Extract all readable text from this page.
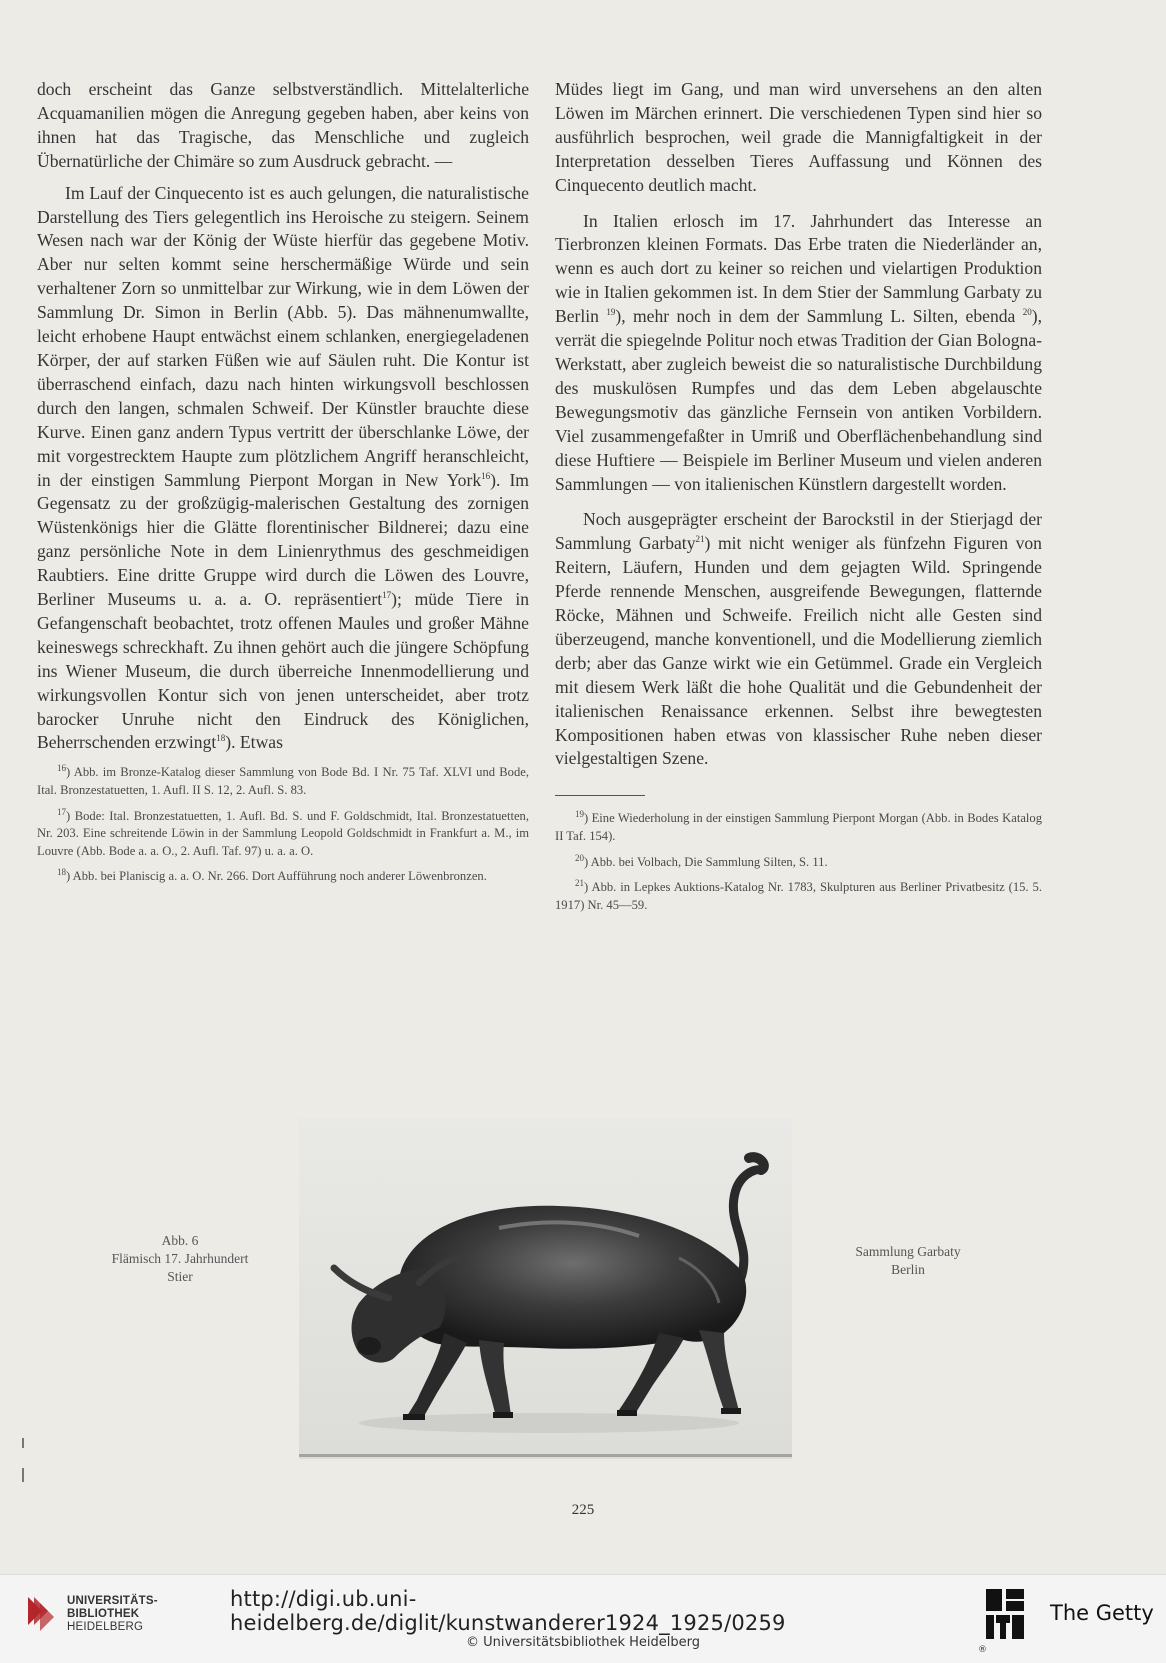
doch erscheint das Ganze selbstverständlich. Mittelalterliche Acquamanilien mögen die Anregung gegeben haben, aber keins von ihnen hat das Tragische, das Menschliche und zugleich Übernatürliche der Chimäre so zum Ausdruck gebracht. —

Im Lauf der Cinquecento ist es auch gelungen, die naturalistische Darstellung des Tiers gelegentlich ins Heroische zu steigern. Seinem Wesen nach war der König der Wüste hierfür das gegebene Motiv. Aber nur selten kommt seine herschermäßige Würde und sein verhaltener Zorn so unmittelbar zur Wirkung, wie in dem Löwen der Sammlung Dr. Simon in Berlin (Abb. 5). Das mähnenumwallte, leicht erhobene Haupt entwächst einem schlanken, energiegeladenen Körper, der auf starken Füßen wie auf Säulen ruht. Die Kontur ist überraschend einfach, dazu nach hinten wirkungsvoll beschlossen durch den langen, schmalen Schweif. Der Künstler brauchte diese Kurve. Einen ganz andern Typus vertritt der überschlanke Löwe, der mit vorgestrecktem Haupte zum plötzlichem Angriff heranschleicht, in der einstigen Sammlung Pierpont Morgan in New York$^{16}$). Im Gegensatz zu der großzügig-malerischen Gestaltung des zornigen Wüstenkönigs hier die Glätte florentinischer Bildnerei; dazu eine ganz persönliche Note in dem Linienrythmus des geschmeidigen Raubtiers. Eine dritte Gruppe wird durch die Löwen des Louvre, Berliner Museums u. a. a. O. repräsentiert$^{17}$); müde Tiere in Gefangenschaft beobachtet, trotz offenen Maules und großer Mähne keineswegs schreckhaft. Zu ihnen gehört auch die jüngere Schöpfung ins Wiener Museum, die durch überreiche Innenmodellierung und wirkungsvollen Kontur sich von jenen unterscheidet, aber trotz barocker Unruhe nicht den Eindruck des Königlichen, Beherrschenden erzwingt$^{18}$). Etwas

$^{16}$) Abb. im Bronze-Katalog dieser Sammlung von Bode Bd. I Nr. 75 Taf. XLVI und Bode, Ital. Bronzestatuetten, 1. Aufl. II S. 12, 2. Aufl. S. 83.

$^{17}$) Bode: Ital. Bronzestatuetten, 1. Aufl. Bd. S. und F. Goldschmidt, Ital. Bronzestatuetten, Nr. 203. Eine schreitende Löwin in der Sammlung Leopold Goldschmidt in Frankfurt a. M., im Louvre (Abb. Bode a. a. O., 2. Aufl. Taf. 97) u. a. a. O.

$^{18}$) Abb. bei Planiscig a. a. O. Nr. 266. Dort Aufführung noch anderer Löwenbronzen.

Müdes liegt im Gang, und man wird unversehens an den alten Löwen im Märchen erinnert. Die verschiedenen Typen sind hier so ausführlich besprochen, weil grade die Mannigfaltigkeit in der Interpretation desselben Tieres Auffassung und Können des Cinquecento deutlich macht.

In Italien erlosch im 17. Jahrhundert das Interesse an Tierbronzen kleinen Formats. Das Erbe traten die Niederländer an, wenn es auch dort zu keiner so reichen und vielartigen Produktion wie in Italien gekommen ist. In dem Stier der Sammlung Garbaty zu Berlin $^{19}$), mehr noch in dem der Sammlung L. Silten, ebenda $^{20}$), verrät die spiegelnde Politur noch etwas Tradition der Gian Bologna-Werkstatt, aber zugleich beweist die so naturalistische Durchbildung des muskulösen Rumpfes und das dem Leben abgelauschte Bewegungsmotiv das gänzliche Fernsein von antiken Vorbildern. Viel zusammengefaßter in Umriß und Oberflächenbehandlung sind diese Huftiere — Beispiele im Berliner Museum und vielen anderen Sammlungen — von italienischen Künstlern dargestellt worden.

Noch ausgeprägter erscheint der Barockstil in der Stierjagd der Sammlung Garbaty$^{21}$) mit nicht weniger als fünfzehn Figuren von Reitern, Läufern, Hunden und dem gejagten Wild. Springende Pferde rennende Menschen, ausgreifende Bewegungen, flatternde Röcke, Mähnen und Schweife. Freilich nicht alle Gesten sind überzeugend, manche konventionell, und die Modellierung ziemlich derb; aber das Ganze wirkt wie ein Getümmel. Grade ein Vergleich mit diesem Werk läßt die hohe Qualität und die Gebundenheit der italienischen Renaissance erkennen. Selbst ihre bewegtesten Kompositionen haben etwas von klassischer Ruhe neben dieser vielgestaltigen Szene.

$^{19}$) Eine Wiederholung in der einstigen Sammlung Pierpont Morgan (Abb. in Bodes Katalog II Taf. 154).

$^{20}$) Abb. bei Volbach, Die Sammlung Silten, S. 11.

$^{21}$) Abb. in Lepkes Auktions-Katalog Nr. 1783, Skulpturen aus Berliner Privatbesitz (15. 5. 1917) Nr. 45—59.

Abb. 6
Flämisch 17. Jahrhundert
Stier
Sammlung Garbaty
Berlin
225
UNIVERSITÄTS-
BIBLIOTHEK
HEIDELBERG
http://digi.ub.uni-heidelberg.de/diglit/kunstwanderer1924_1925/0259
© Universitätsbibliothek Heidelberg
The Getty
®
